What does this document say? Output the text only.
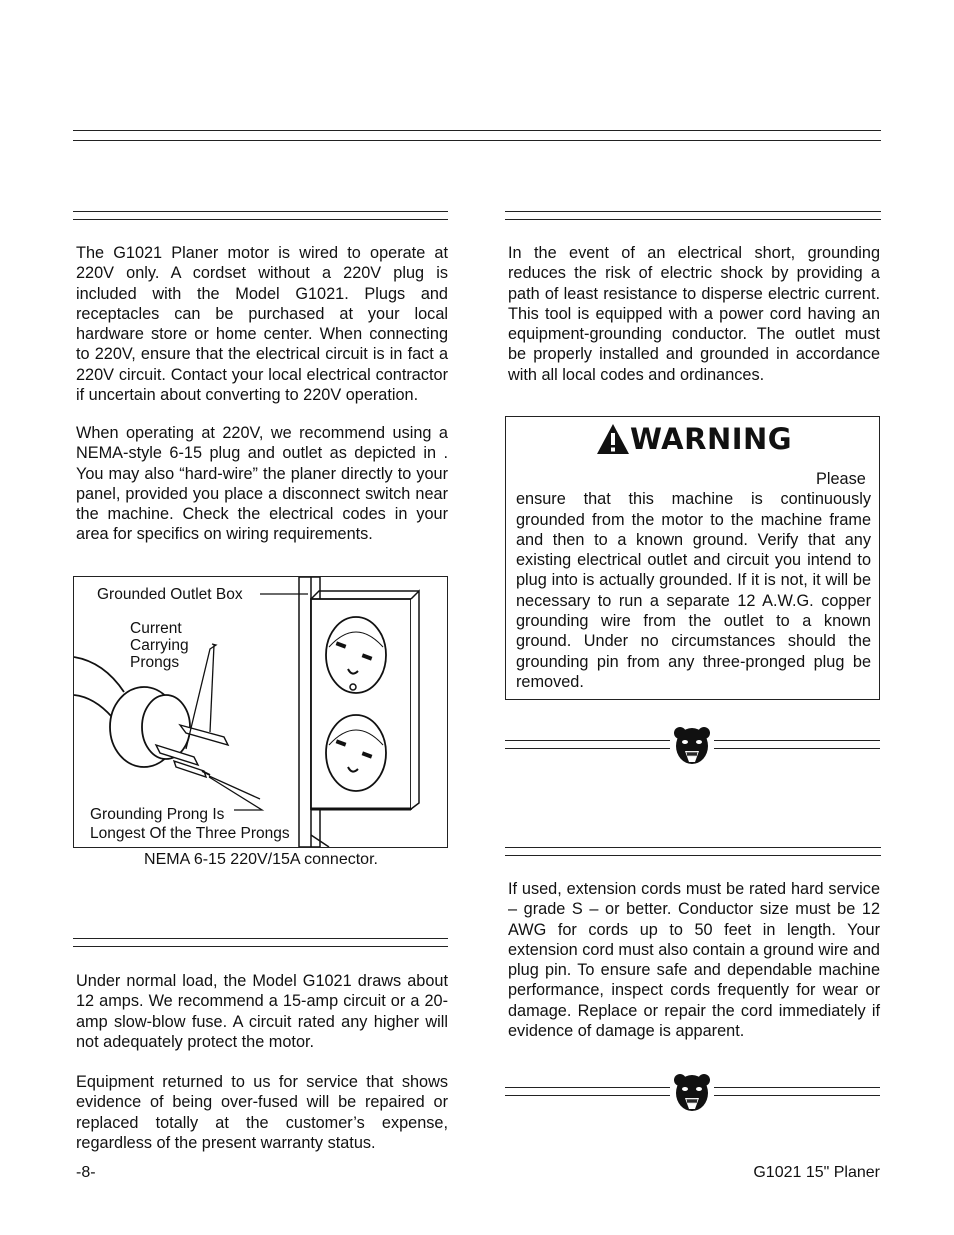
The G1021 Planer motor is wired to operate at 220V only. A cordset without a 220V plug is included with the Model G1021. Plugs and receptacles can be purchased at your local hardware store or home center. When connecting to 220V, ensure that the electrical circuit is in fact a 220V circuit. Contact your local electrical contractor if uncertain about converting to 220V operation.
When operating at 220V, we recommend using a NEMA-style 6-15 plug and outlet as depicted in . You may also “hard-wire” the planer directly to your panel, provided you place a disconnect switch near the machine. Check the electrical codes in your area for specifics on wiring requirements.
Grounded Outlet Box
Current
Carrying
Prongs
Grounding Prong Is
Longest Of the Three Prongs
NEMA 6-15 220V/15A connector.
Under normal load, the Model G1021 draws about 12 amps. We recommend a 15-amp circuit or a 20-amp slow-blow fuse. A circuit rated any higher will not adequately protect the motor.
Equipment returned to us for service that shows evidence of being over-fused will be repaired or replaced totally at the customer’s expense, regardless of the present warranty status.
In the event of an electrical short, grounding reduces the risk of electric shock by providing a path of least resistance to disperse electric current. This tool is equipped with a power cord having an equipment-grounding conductor. The outlet must be properly installed and grounded in accordance with all local codes and ordinances.
WARNING
Please ensure that this machine is continuously grounded from the motor to the machine frame and then to a known ground. Verify that any existing electrical outlet and circuit you intend to plug into is actually grounded. If it is not, it will be necessary to run a separate 12 A.W.G. copper grounding wire from the outlet to a known ground. Under no circumstances should the grounding pin from any three-pronged plug be removed.
If used, extension cords must be rated hard service – grade S – or better. Conductor size must be 12 AWG for cords up to 50 feet in length. Your extension cord must also contain a ground wire and plug pin. To ensure safe and dependable machine performance, inspect cords frequently for wear or damage. Replace or repair the cord immediately if evidence of damage is apparent.
-8-	G1021 15" Planer
